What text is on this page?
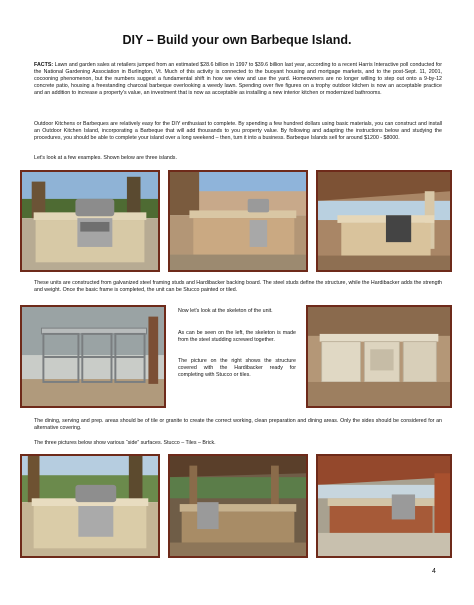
DIY – Build your own Barbeque Island.
FACTS: Lawn and garden sales at retailers jumped from an estimated $28.6 billion in 1997 to $39.6 billion last year, according to a recent Harris Interactive poll conducted for the National Gardening Association in Burlington, Vt. Much of this activity is connected to the buoyant housing and mortgage markets, and to the post-Sept. 11, 2001, cocooning phenomenon, but the numbers suggest a fundamental shift in how we view and use the yard. Homeowners are no longer willing to step out onto a 9-by-12 concrete patio, housing a freestanding charcoal barbeque overlooking a weedy lawn. Spending over five figures on a trophy outdoor kitchen is now an acceptable practice and an addition to increase a property's value, an investment that is now as acceptable as installing a new interior kitchen or modernized bathrooms.
Outdoor Kitchens or Barbeques are relatively easy for the DIY enthusiast to complete. By spending a few hundred dollars using basic materials, you can construct and install an Outdoor Kitchen Island, incorporating a Barbeque that will add thousands to you property value. By following and adapting the instructions below and studying the procedures, you should be able to complete your island over a long weekend – then, turn it into a business. Barbeque Islands sell for around $1200 - $8000.
Let's look at a few examples. Shown below are three islands.
These units are constructed from galvanized steel framing studs and Hardibacker backing board. The steel studs define the structure, while the Hardibacker adds the strength and weight. Once the basic frame is completed, the unit can be Stucco painted or tiled.
Now let's look at the skeleton of the unit.
As can be seen on the left, the skeleton is made from the steel studding screwed together.
The picture on the right shows the structure covered with the Hardibacker ready for completing with Stucco or tiles.
The dining, serving and prep. areas should be of tile or granite to create the correct working, clean preparation and dining areas. Only the sides should be considered for an alternative covering.
The three pictures below show various “side” surfaces. Stucco – Tiles – Brick.
4
